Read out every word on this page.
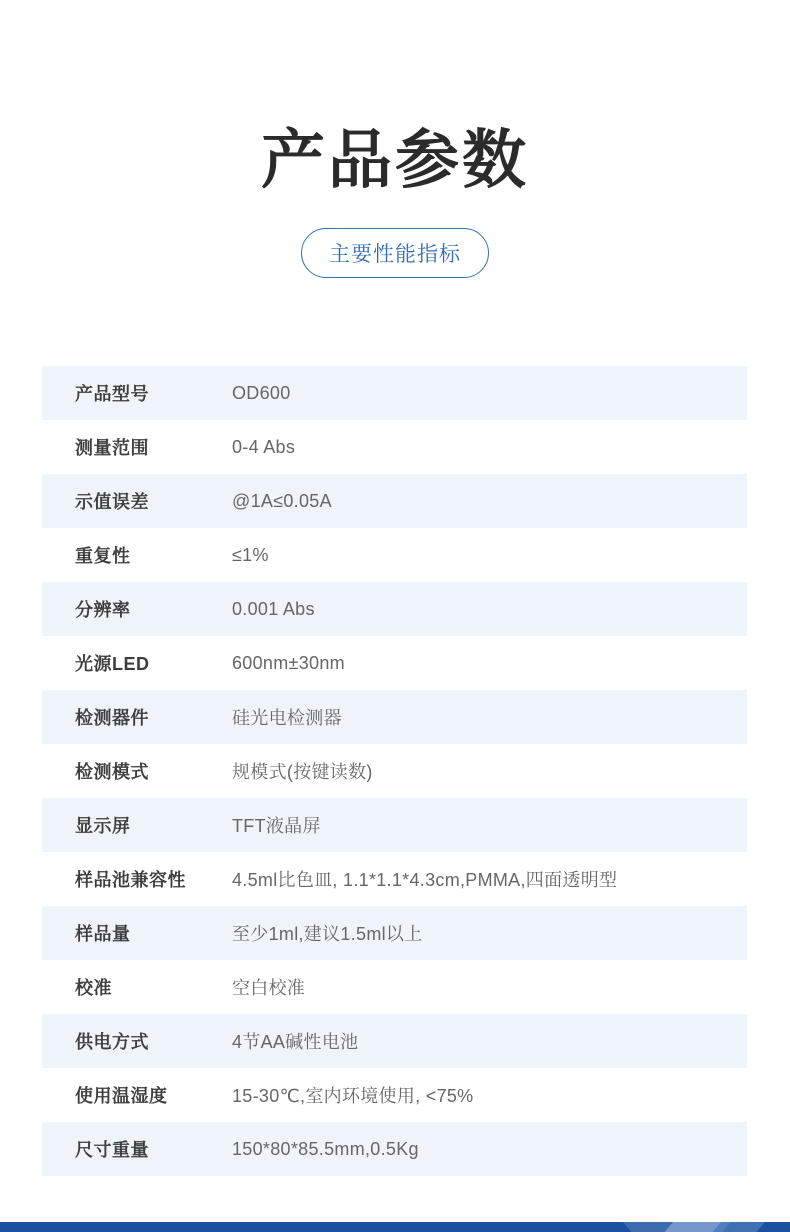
产品参数
主要性能指标
产品型号	OD600
测量范围	0-4 Abs
示值误差	@1A≤0.05A
重复性	≤1%
分辨率	0.001 Abs
光源LED	600nm±30nm
检测器件	硅光电检测器
检测模式	规模式(按键读数)
显示屏	TFT液晶屏
样品池兼容性	4.5ml比色皿, 1.1*1.1*4.3cm,PMMA,四面透明型
样品量	至少1ml,建议1.5ml以上
校准	空白校准
供电方式	4节AA碱性电池
使用温湿度	15-30℃,室内环境使用, <75%
尺寸重量	150*80*85.5mm,0.5Kg
